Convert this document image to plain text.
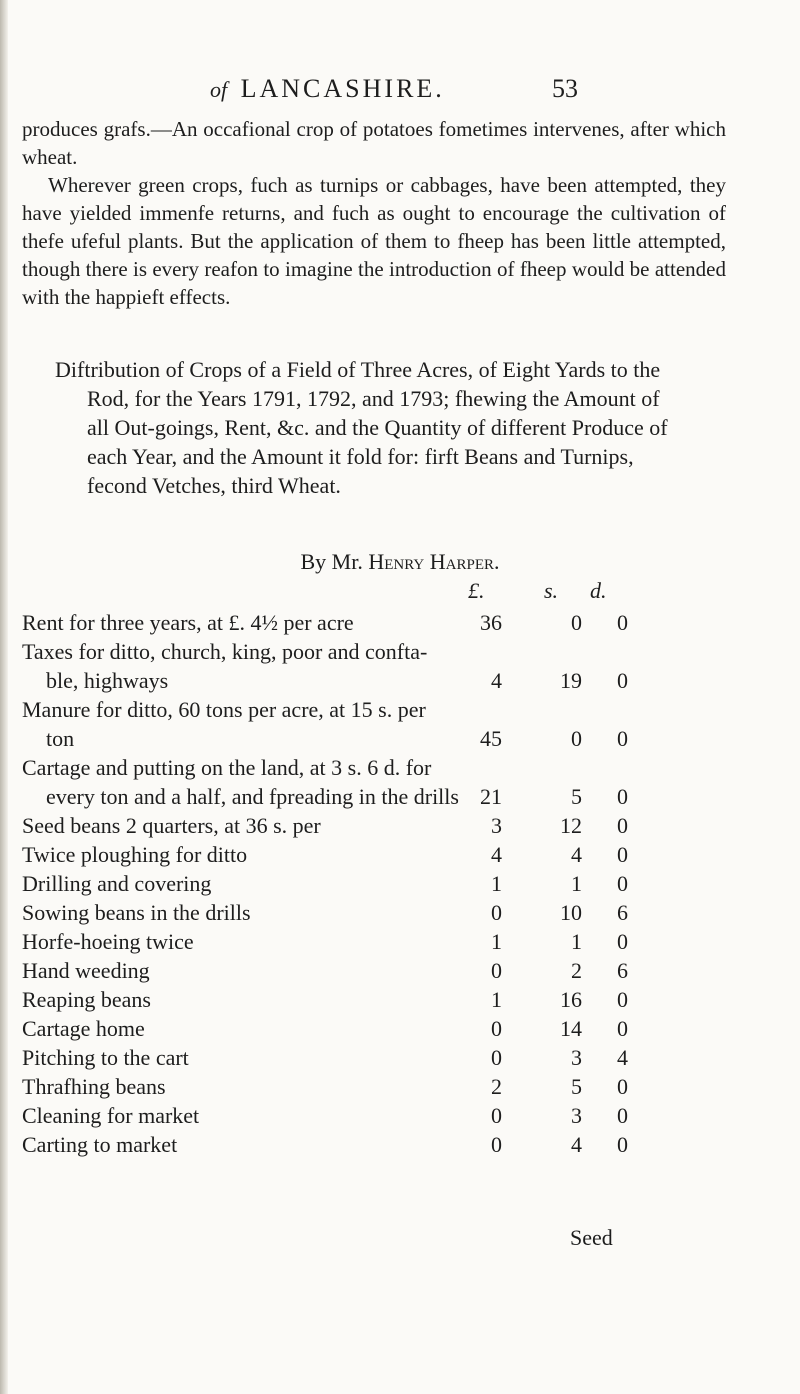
of LANCASHIRE.	53

produces grafs.—An occafional crop of potatoes fometimes intervenes, after which wheat.

Wherever green crops, fuch as turnips or cabbages, have been attempted, they have yielded immenfe returns, and fuch as ought to encourage the cultivation of thefe ufeful plants. But the application of them to fheep has been little attempted, though there is every reafon to imagine the introduction of fheep would be attended with the happieft effects.

Diftribution of Crops of a Field of Three Acres, of Eight Yards to the Rod, for the Years 1791, 1792, and 1793; fhewing the Amount of all Out-goings, Rent, &c. and the Quantity of different Produce of each Year, and the Amount it fold for: firft Beans and Turnips, fecond Vetches, third Wheat.

By Mr. Henry Harper.
£.	s. d.
Rent for three years, at £. 4½ per acre	36	0	0
Taxes for ditto, church, king, poor and confta-
ble, highways	4	19	0
Manure for ditto, 60 tons per acre, at 15 s. per
ton	45	0	0
Cartage and putting on the land, at 3 s. 6 d. for
every ton and a half, and fpreading in the drills 21	5	0
Seed beans 2 quarters, at 36 s. per	3	12	0
Twice ploughing for ditto	4	4	0
Drilling and covering	1	1	0
Sowing beans in the drills	0	10	6
Horfe-hoeing twice	1	1	0
Hand weeding	0	2	6
Reaping beans	1	16	0
Cartage home	0	14	0
Pitching to the cart	0	3	4
Thrafhing beans	2	5	0
Cleaning for market	0	3	0
Carting to market	0	4	0
Seed
